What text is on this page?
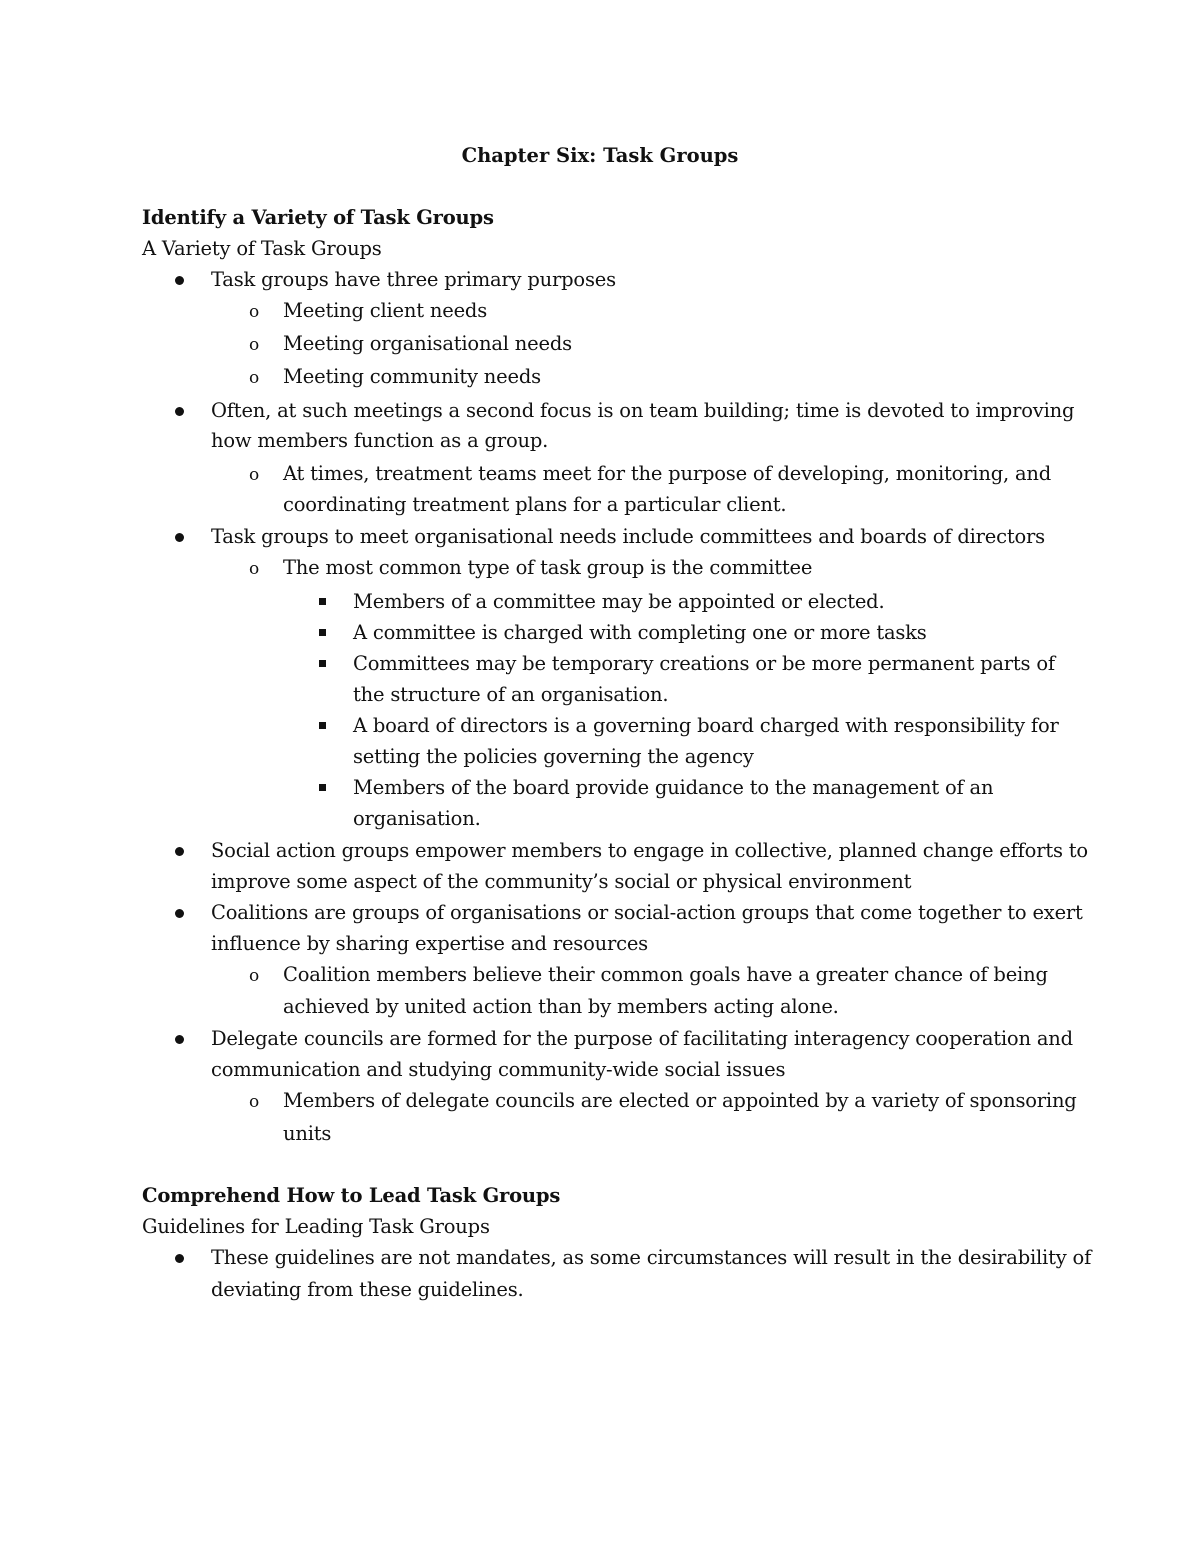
Chapter Six: Task Groups
Identify a Variety of Task Groups
A Variety of Task Groups
Task groups have three primary purposes
o Meeting client needs
o Meeting organisational needs
o Meeting community needs
Often, at such meetings a second focus is on team building; time is devoted to improving
how members function as a group.
o At times, treatment teams meet for the purpose of developing, monitoring, and
coordinating treatment plans for a particular client.
Task groups to meet organisational needs include committees and boards of directors
o The most common type of task group is the committee
Members of a committee may be appointed or elected.
A committee is charged with completing one or more tasks
Committees may be temporary creations or be more permanent parts of
the structure of an organisation.
A board of directors is a governing board charged with responsibility for
setting the policies governing the agency
Members of the board provide guidance to the management of an
organisation.
Social action groups empower members to engage in collective, planned change efforts to
improve some aspect of the community’s social or physical environment
Coalitions are groups of organisations or social-action groups that come together to exert
influence by sharing expertise and resources
o Coalition members believe their common goals have a greater chance of being
achieved by united action than by members acting alone.
Delegate councils are formed for the purpose of facilitating interagency cooperation and
communication and studying community-wide social issues
o Members of delegate councils are elected or appointed by a variety of sponsoring
units
Comprehend How to Lead Task Groups
Guidelines for Leading Task Groups
These guidelines are not mandates, as some circumstances will result in the desirability of
deviating from these guidelines.
